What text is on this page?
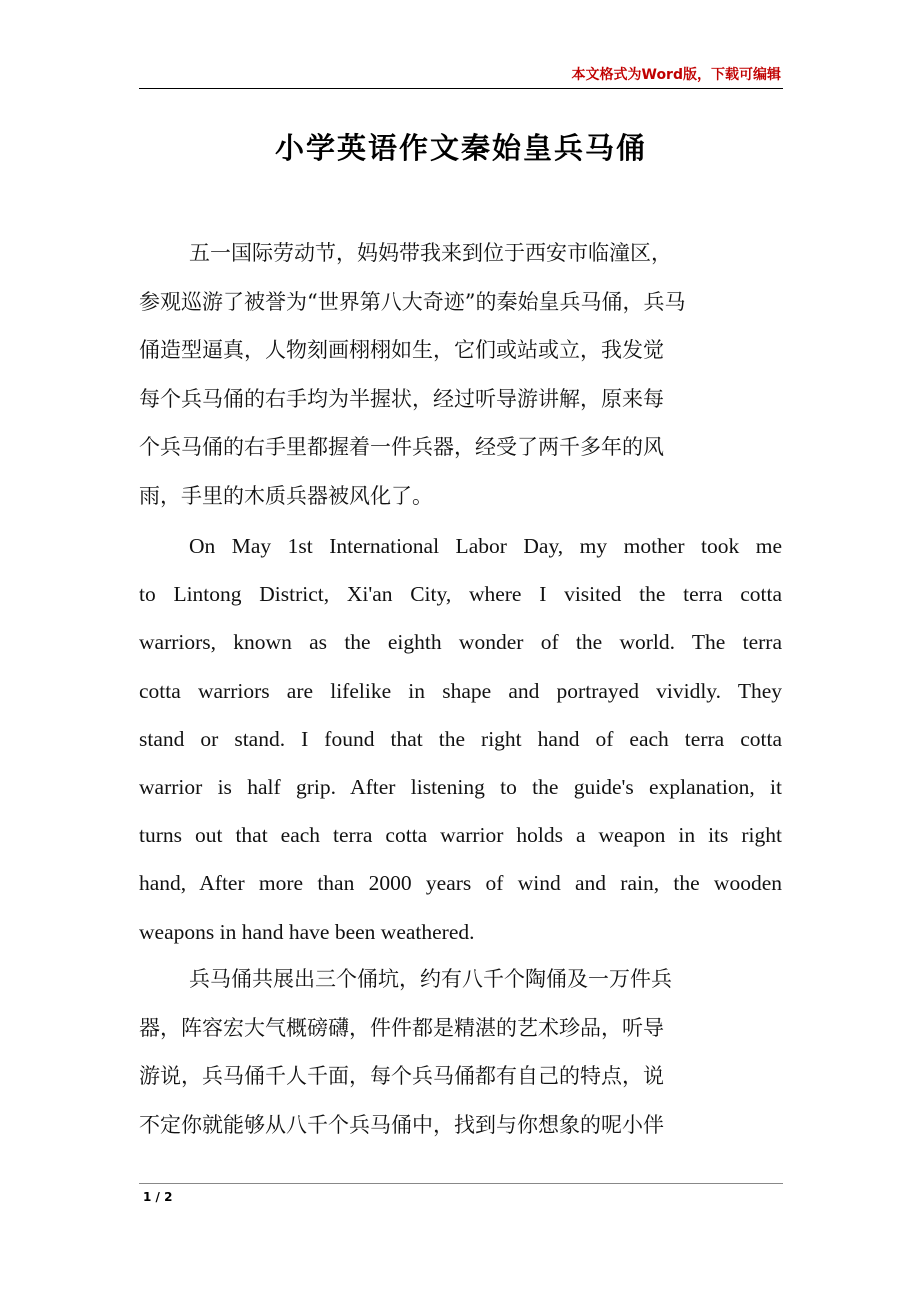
本文格式为Word版，下载可编辑
小学英语作文秦始皇兵马俑
五一国际劳动节，妈妈带我来到位于西安市临潼区，
参观巡游了被誉为“世界第八大奇迹”的秦始皇兵马俑，兵马
俑造型逼真，人物刻画栩栩如生，它们或站或立，我发觉
每个兵马俑的右手均为半握状，经过听导游讲解，原来每
个兵马俑的右手里都握着一件兵器，经受了两千多年的风
雨，手里的木质兵器被风化了。
On May 1st International Labor Day, my mother took me
to Lintong District, Xi'an City, where I visited the terra cotta
warriors, known as the eighth wonder of the world. The terra
cotta warriors are lifelike in shape and portrayed vividly. They
stand or stand. I found that the right hand of each terra cotta
warrior is half grip. After listening to the guide's explanation, it
turns out that each terra cotta warrior holds a weapon in its right
hand, After more than 2000 years of wind and rain, the wooden
weapons in hand have been weathered.
兵马俑共展出三个俑坑，约有八千个陶俑及一万件兵
器，阵容宏大气概磅礴，件件都是精湛的艺术珍品，听导
游说，兵马俑千人千面，每个兵马俑都有自己的特点，说
不定你就能够从八千个兵马俑中，找到与你想象的呢小伴
1 / 2
